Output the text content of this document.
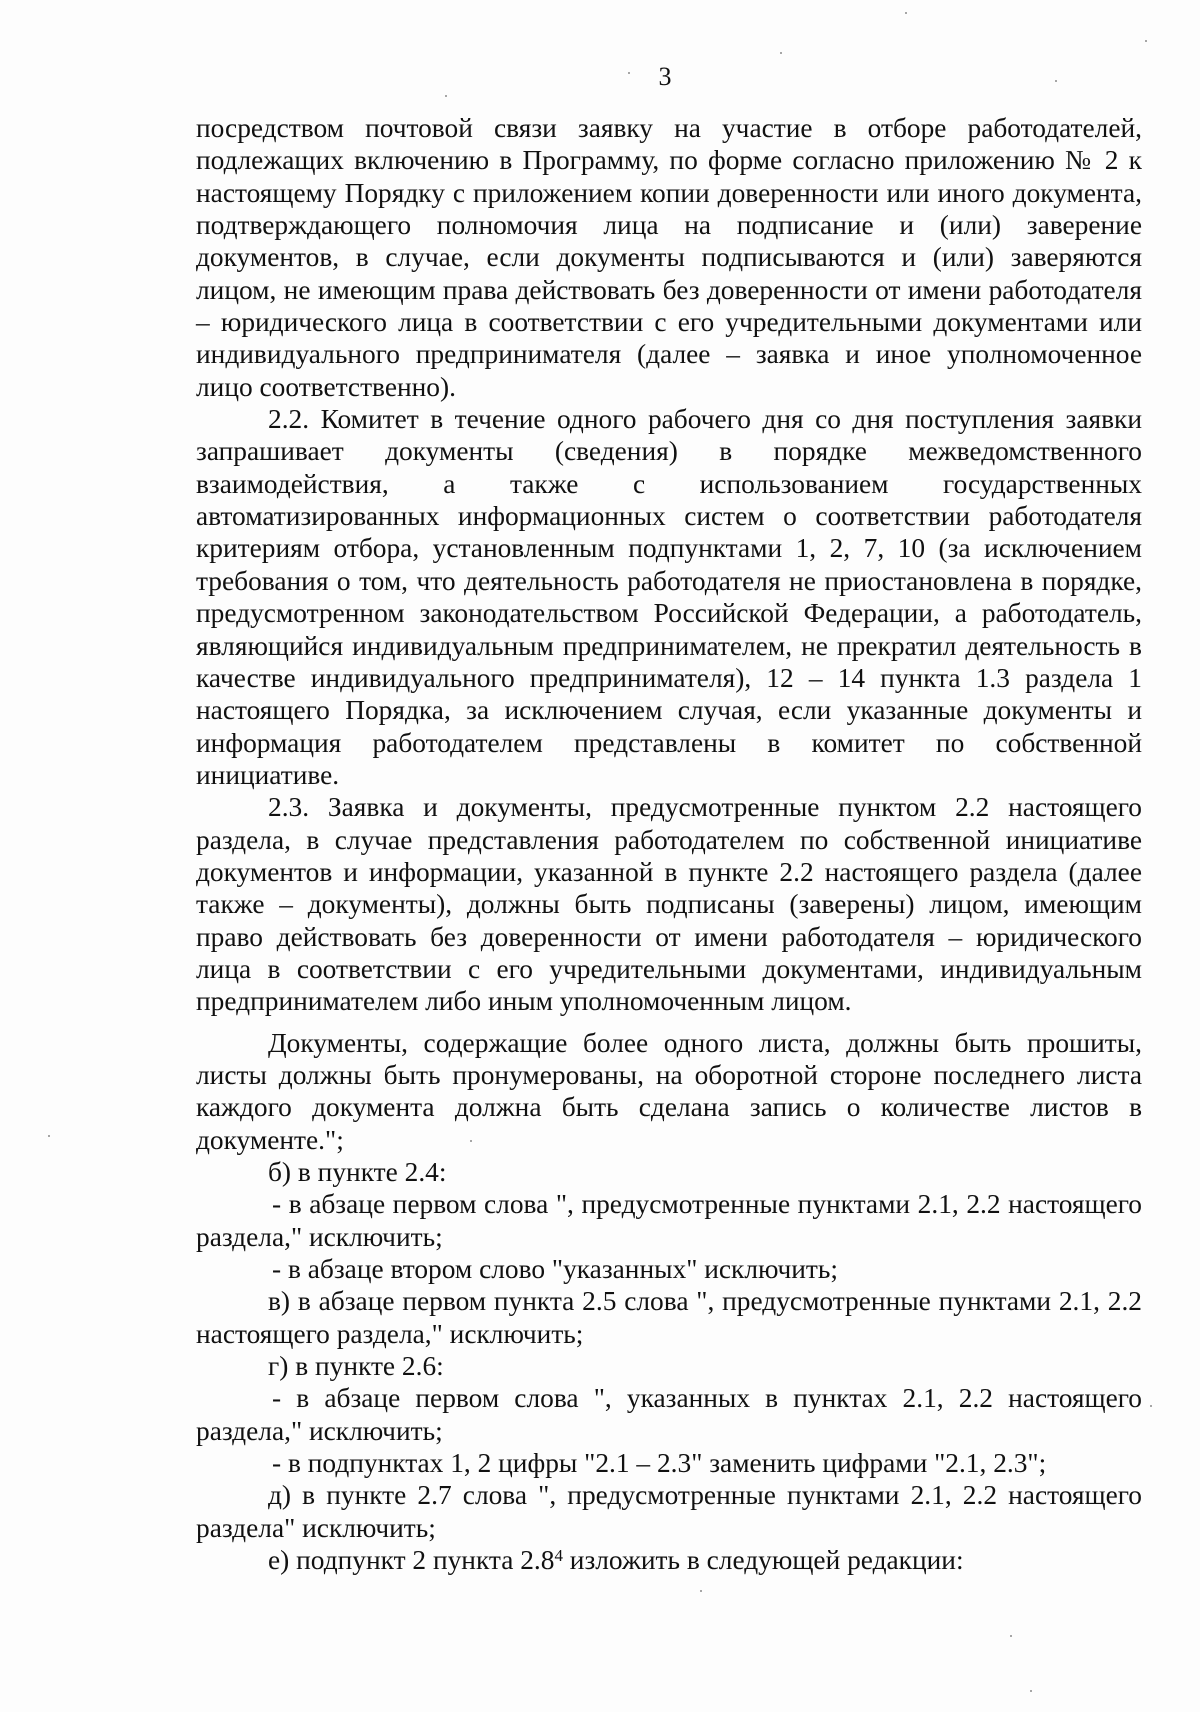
3

посредством почтовой связи заявку на участие в отборе работодателей, подлежащих включению в Программу, по форме согласно приложению № 2 к настоящему Порядку с приложением копии доверенности или иного документа, подтверждающего полномочия лица на подписание и (или) заверение документов, в случае, если документы подписываются и (или) заверяются лицом, не имеющим права действовать без доверенности от имени работодателя – юридического лица в соответствии с его учредительными документами или индивидуального предпринимателя (далее – заявка и иное уполномоченное лицо соответственно).

2.2. Комитет в течение одного рабочего дня со дня поступления заявки запрашивает документы (сведения) в порядке межведомственного взаимодействия, а также с использованием государственных автоматизированных информационных систем о соответствии работодателя критериям отбора, установленным подпунктами 1, 2, 7, 10 (за исключением требования о том, что деятельность работодателя не приостановлена в порядке, предусмотренном законодательством Российской Федерации, а работодатель, являющийся индивидуальным предпринимателем, не прекратил деятельность в качестве индивидуального предпринимателя), 12 – 14 пункта 1.3 раздела 1 настоящего Порядка, за исключением случая, если указанные документы и информация работодателем представлены в комитет по собственной инициативе.

2.3. Заявка и документы, предусмотренные пунктом 2.2 настоящего раздела, в случае представления работодателем по собственной инициативе документов и информации, указанной в пункте 2.2 настоящего раздела (далее также – документы), должны быть подписаны (заверены) лицом, имеющим право действовать без доверенности от имени работодателя – юридического лица в соответствии с его учредительными документами, индивидуальным предпринимателем либо иным уполномоченным лицом.

Документы, содержащие более одного листа, должны быть прошиты, листы должны быть пронумерованы, на оборотной стороне последнего листа каждого документа должна быть сделана запись о количестве листов в документе.";

б) в пункте 2.4:

- в абзаце первом слова ", предусмотренные пунктами 2.1, 2.2 настоящего раздела," исключить;

- в абзаце втором слово "указанных" исключить;

в) в абзаце первом пункта 2.5 слова ", предусмотренные пунктами 2.1, 2.2 настоящего раздела," исключить;

г) в пункте 2.6:

- в абзаце первом слова ", указанных в пунктах 2.1, 2.2 настоящего раздела," исключить;

- в подпунктах 1, 2 цифры "2.1 – 2.3" заменить цифрами "2.1, 2.3";

д) в пункте 2.7 слова ", предусмотренные пунктами 2.1, 2.2 настоящего раздела" исключить;

е) подпункт 2 пункта $2.8^4$ изложить в следующей редакции:
